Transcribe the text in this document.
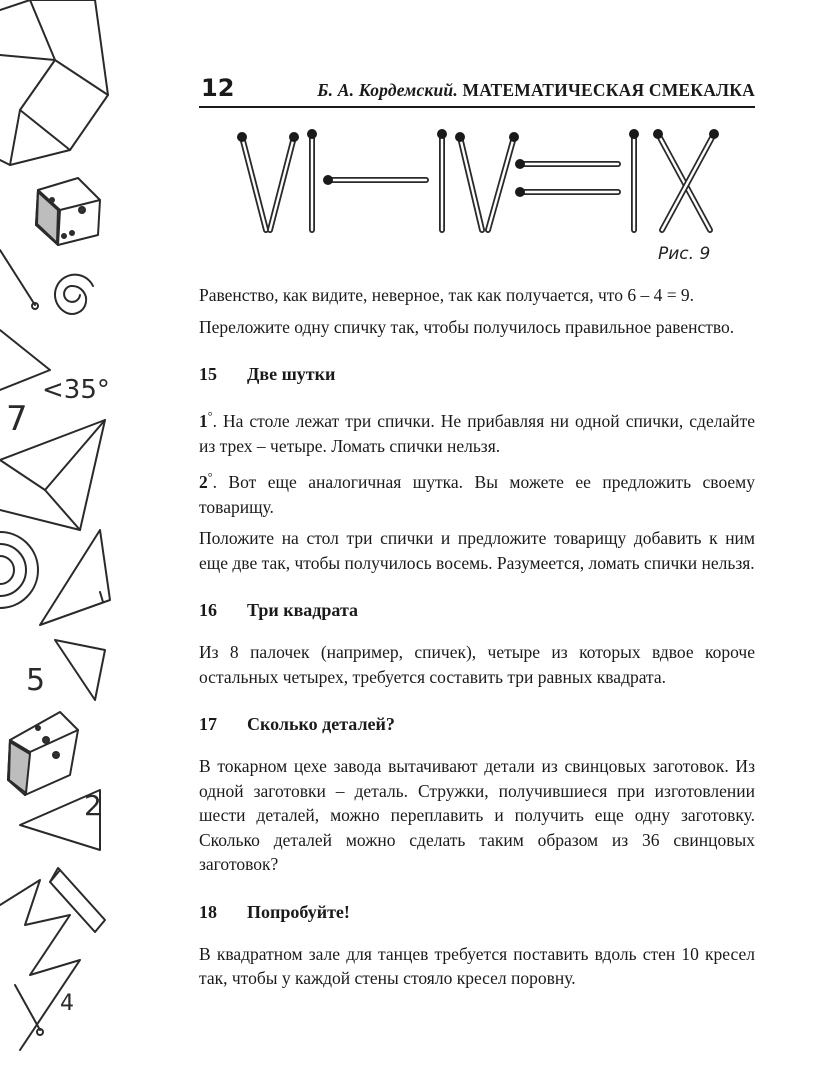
<35°
7
5
2
4
12	Б. А. Кордемский. МАТЕМАТИЧЕСКАЯ СМЕКАЛКА
Рис. 9

Равенство, как видите, неверное, так как получается, что 6 – 4 = 9.

Переложите одну спичку так, чтобы получилось правильное равенство.

15	Две шутки

1°. На столе лежат три спички. Не прибавляя ни одной спички, сделайте из трех – четыре. Ломать спички нельзя.

2°. Вот еще аналогичная шутка. Вы можете ее предложить своему товарищу.

Положите на стол три спички и предложите товарищу добавить к ним еще две так, чтобы получилось восемь. Разумеется, ломать спички нельзя.

16	Три квадрата

Из 8 палочек (например, спичек), четыре из которых вдвое короче остальных четырех, требуется составить три равных квадрата.

17	Сколько деталей?

В токарном цехе завода вытачивают детали из свинцовых заготовок. Из одной заготовки – деталь. Стружки, получившиеся при изготовлении шести деталей, можно переплавить и получить еще одну заготовку. Сколько деталей можно сделать таким образом из 36 свинцовых заготовок?

18	Попробуйте!

В квадратном зале для танцев требуется поставить вдоль стен 10 кресел так, чтобы у каждой стены стояло кресел поровну.
